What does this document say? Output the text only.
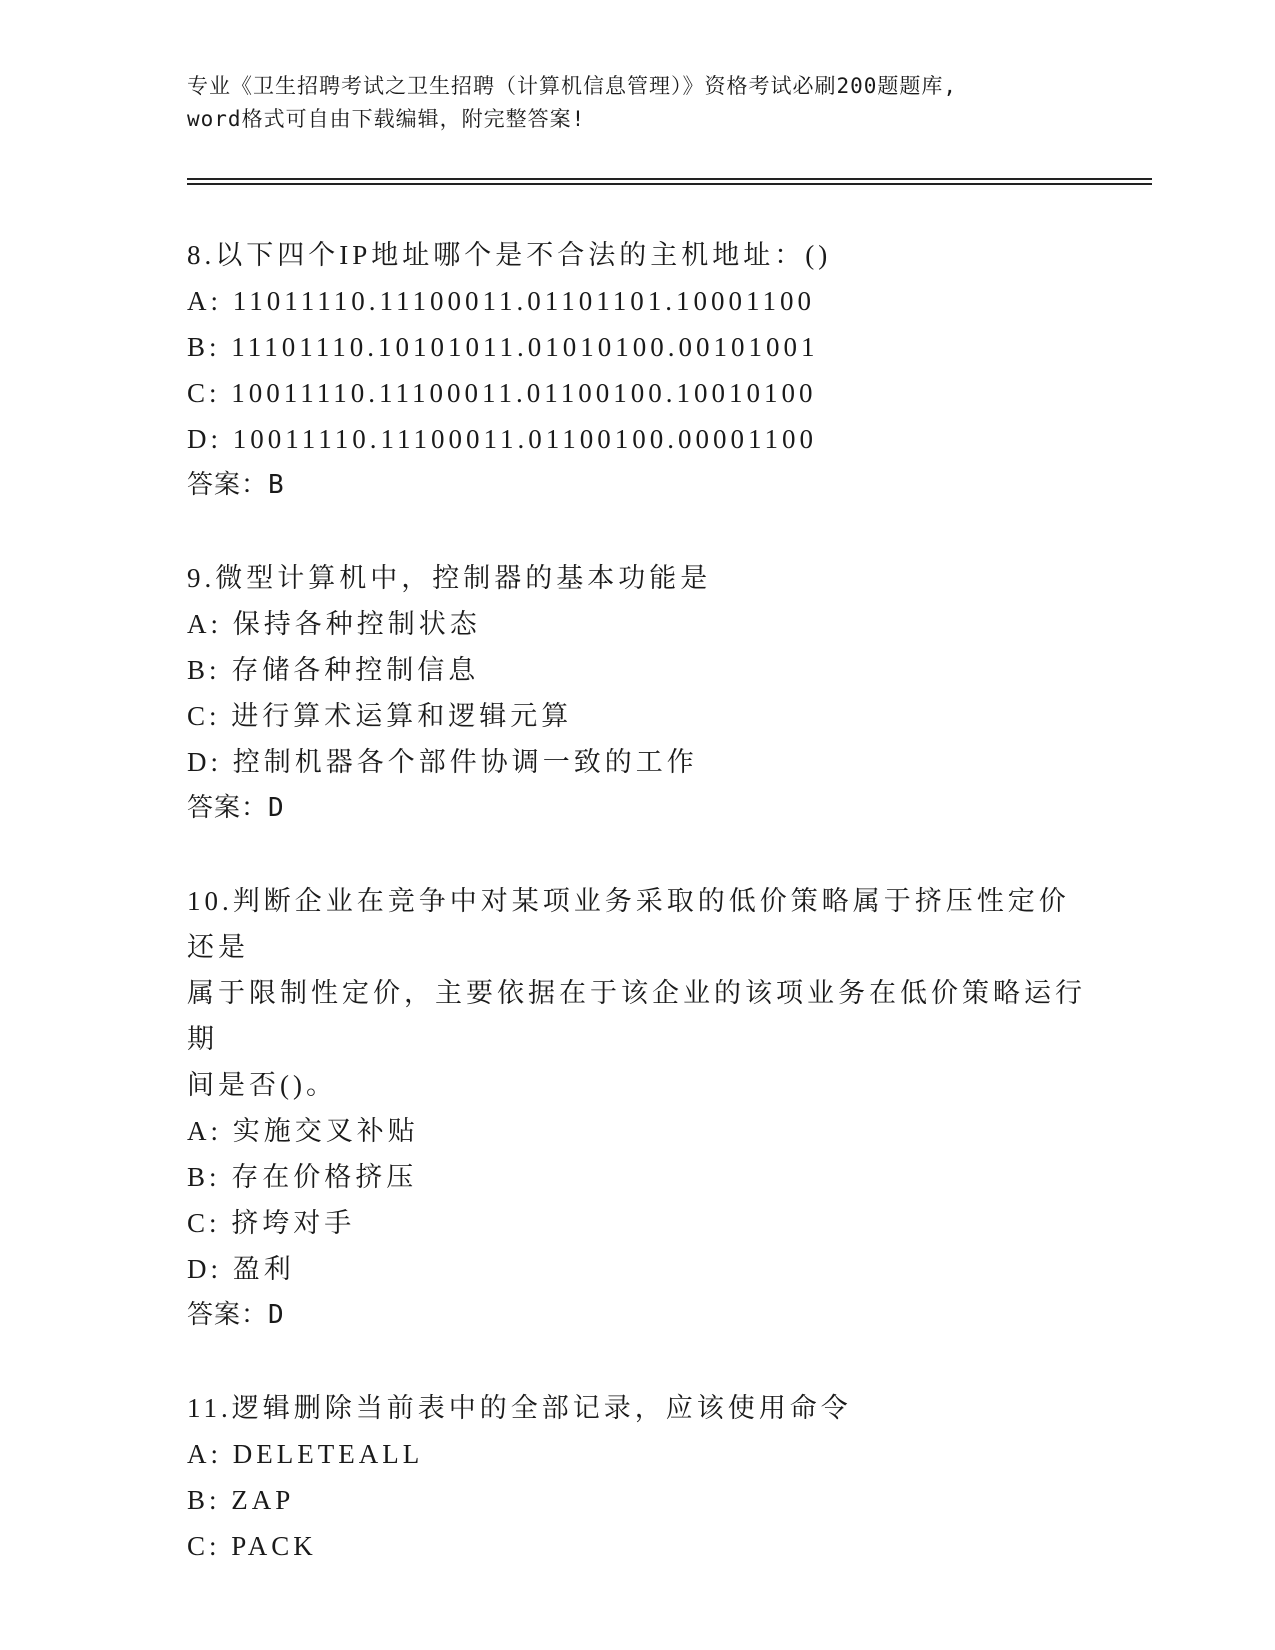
专业《卫生招聘考试之卫生招聘（计算机信息管理）》资格考试必刷200题题库,
word格式可自由下载编辑，附完整答案!
8.以下四个IP地址哪个是不合法的主机地址：()
A: 11011110.11100011.01101101.10001100
B: 11101110.10101011.01010100.00101001
C: 10011110.11100011.01100100.10010100
D: 10011110.11100011.01100100.00001100
答案：B
9.微型计算机中，控制器的基本功能是
A: 保持各种控制状态
B: 存储各种控制信息
C: 进行算术运算和逻辑元算
D: 控制机器各个部件协调一致的工作
答案：D
10.判断企业在竞争中对某项业务采取的低价策略属于挤压性定价还是
属于限制性定价，主要依据在于该企业的该项业务在低价策略运行期
间是否()。
A: 实施交叉补贴
B: 存在价格挤压
C: 挤垮对手
D: 盈利
答案：D
11.逻辑删除当前表中的全部记录，应该使用命令
A: DELETEALL
B: ZAP
C: PACK
